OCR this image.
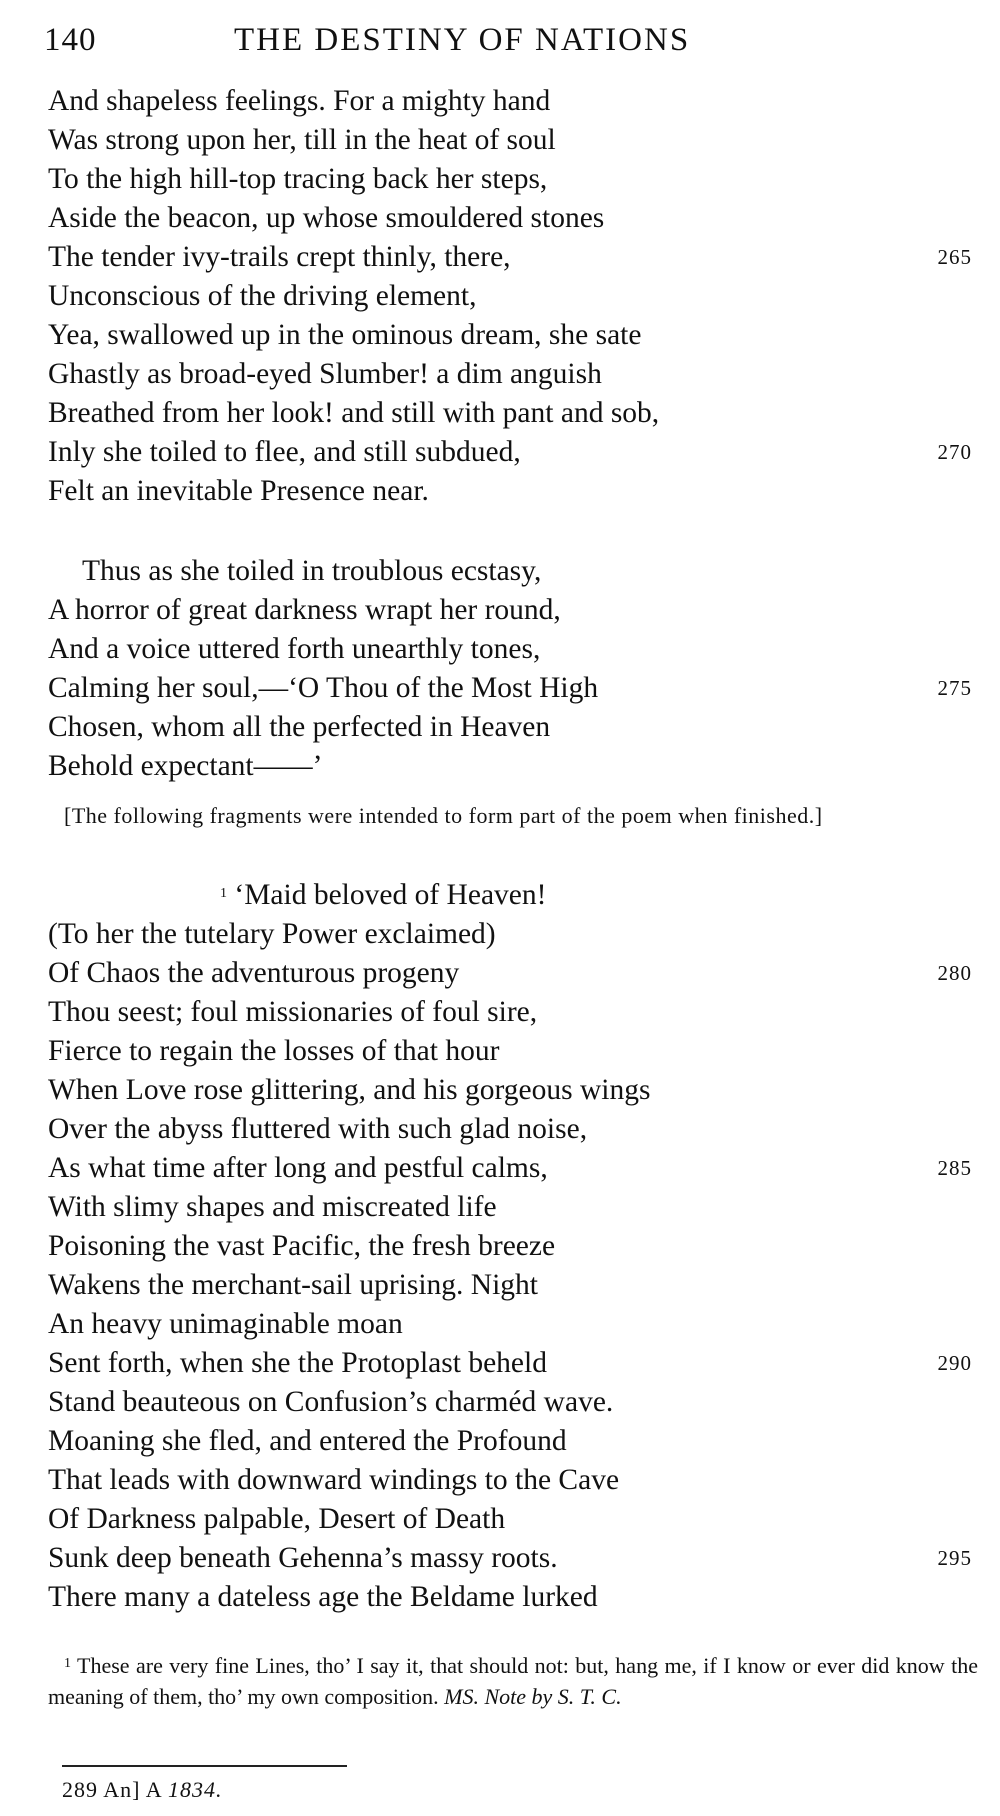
140	THE DESTINY OF NATIONS
And shapeless feelings. For a mighty hand
Was strong upon her, till in the heat of soul
To the high hill-top tracing back her steps,
Aside the beacon, up whose smouldered stones
The tender ivy-trails crept thinly, there,	265
Unconscious of the driving element,
Yea, swallowed up in the ominous dream, she sate
Ghastly as broad-eyed Slumber! a dim anguish
Breathed from her look! and still with pant and sob,
Inly she toiled to flee, and still subdued,	270
Felt an inevitable Presence near.
Thus as she toiled in troublous ecstasy,
A horror of great darkness wrapt her round,
And a voice uttered forth unearthly tones,
Calming her soul,—‘O Thou of the Most High	275
Chosen, whom all the perfected in Heaven
Behold expectant——’
[The following fragments were intended to form part of the poem when finished.]
$^1$ ‘Maid beloved of Heaven!
(To her the tutelary Power exclaimed)
Of Chaos the adventurous progeny	280
Thou seest; foul missionaries of foul sire,
Fierce to regain the losses of that hour
When Love rose glittering, and his gorgeous wings
Over the abyss fluttered with such glad noise,
As what time after long and pestful calms,	285
With slimy shapes and miscreated life
Poisoning the vast Pacific, the fresh breeze
Wakens the merchant-sail uprising. Night
An heavy unimaginable moan
Sent forth, when she the Protoplast beheld	290
Stand beauteous on Confusion’s charméd wave.
Moaning she fled, and entered the Profound
That leads with downward windings to the Cave
Of Darkness palpable, Desert of Death
Sunk deep beneath Gehenna’s massy roots.	295
There many a dateless age the Beldame lurked
$^1$ These are very fine Lines, tho’ I say it, that should not: but, hang me, if I know or ever did know the meaning of them, tho’ my own composition. MS. Note by S. T. C.
289 An] A 1834.
